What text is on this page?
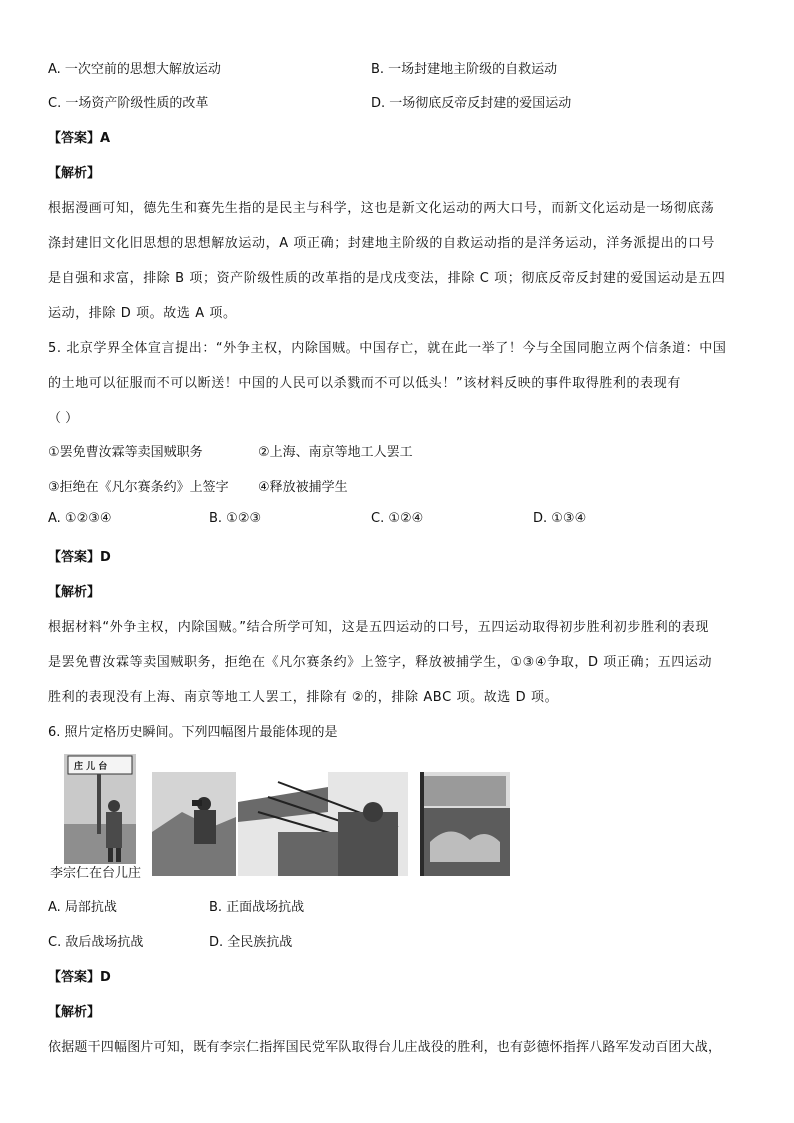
A. 一次空前的思想大解放运动	B. 一场封建地主阶级的自救运动
C. 一场资产阶级性质的改革	D. 一场彻底反帝反封建的爱国运动
【答案】A
【解析】
根据漫画可知，德先生和赛先生指的是民主与科学，这也是新文化运动的两大口号，而新文化运动是一场彻底荡
涤封建旧文化旧思想的思想解放运动，A 项正确；封建地主阶级的自救运动指的是洋务运动，洋务派提出的口号
是自强和求富，排除 B 项；资产阶级性质的改革指的是戊戌变法，排除 C 项；彻底反帝反封建的爱国运动是五四
运动，排除 D 项。故选 A 项。
5. 北京学界全体宣言提出：“外争主权，内除国贼。中国存亡，就在此一举了！今与全国同胞立两个信条道：中国
的土地可以征服而不可以断送！中国的人民可以杀戮而不可以低头！”该材料反映的事件取得胜利的表现有
（ ）
①罢免曹汝霖等卖国贼职务	②上海、南京等地工人罢工
③拒绝在《凡尔赛条约》上签字 ④释放被捕学生
A. ①②③④	B. ①②③	C. ①②④	D. ①③④
【答案】D
【解析】
根据材料“外争主权，内除国贼。”结合所学可知，这是五四运动的口号，五四运动取得初步胜利初步胜利的表现
是罢免曹汝霖等卖国贼职务，拒绝在《凡尔赛条约》上签字，释放被捕学生，①③④争取，D 项正确；五四运动
胜利的表现没有上海、南京等地工人罢工，排除有 ②的，排除 ABC 项。故选 D 项。
6. 照片定格历史瞬间。下列四幅图片最能体现的是
庄 儿 台
李宗仁在台儿庄
A. 局部抗战	B. 正面战场抗战
C. 敌后战场抗战	D. 全民族抗战
【答案】D
【解析】
依据题干四幅图片可知，既有李宗仁指挥国民党军队取得台儿庄战役的胜利，也有彭德怀指挥八路军发动百团大战，
